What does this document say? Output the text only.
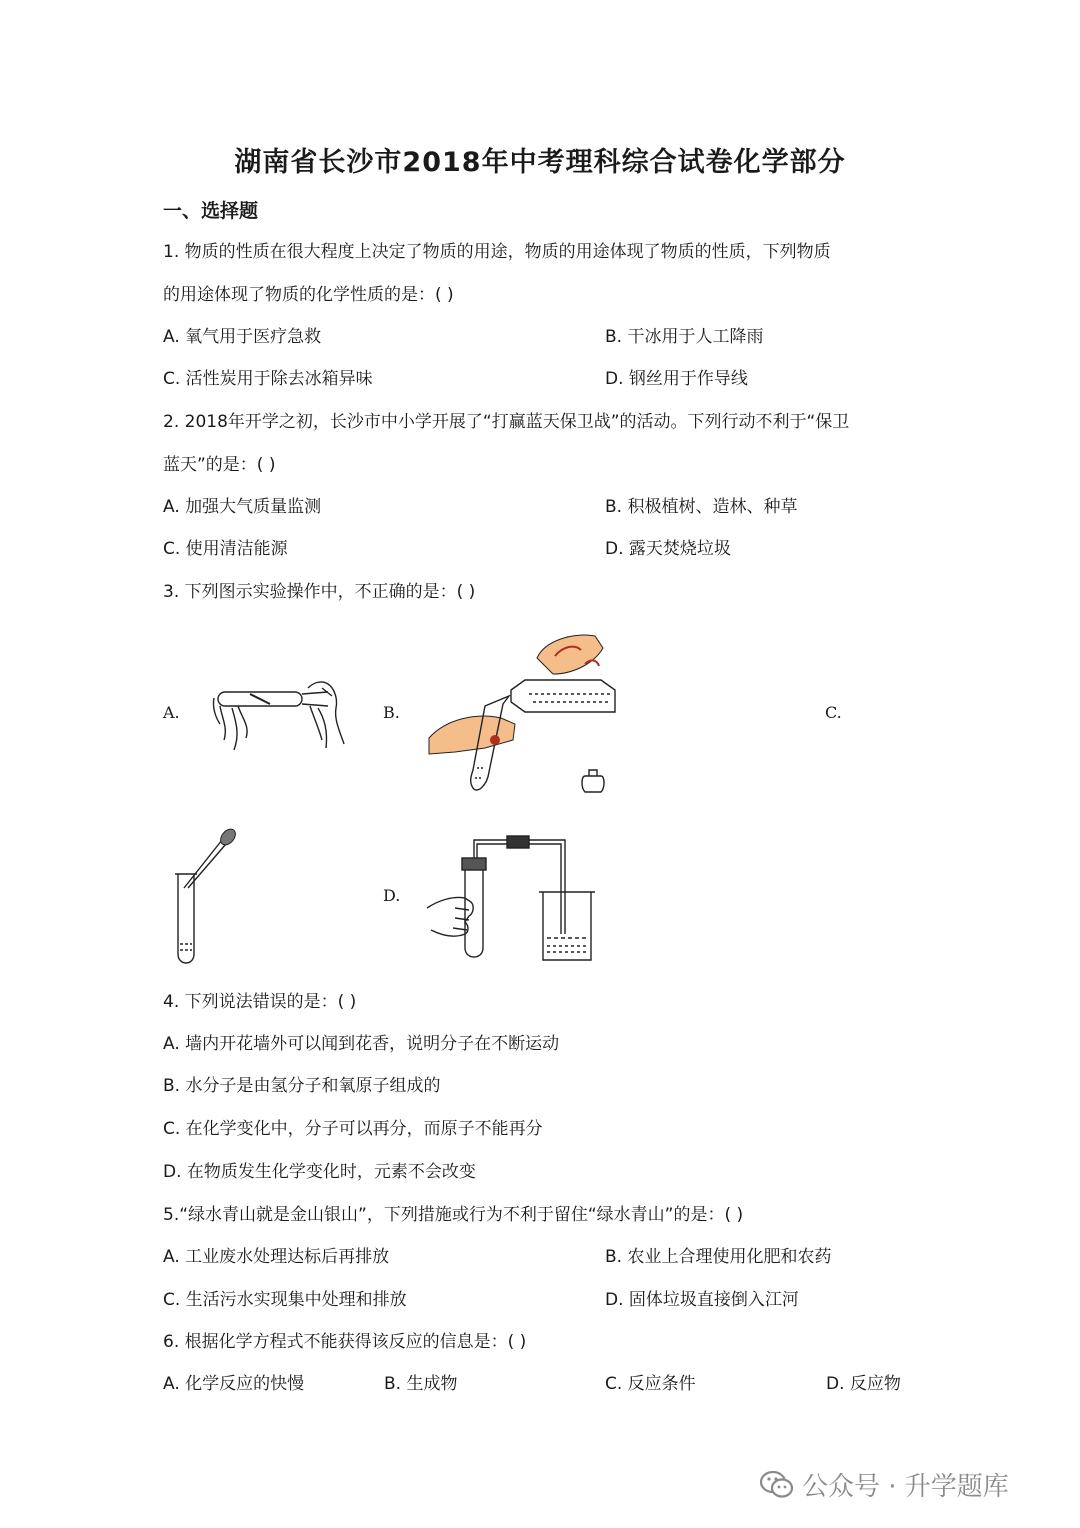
湖南省长沙市2018年中考理科综合试卷化学部分
一、选择题
1. 物质的性质在很大程度上决定了物质的用途，物质的用途体现了物质的性质，下列物质
的用途体现了物质的化学性质的是：( )
A. 氧气用于医疗急救	B. 干冰用于人工降雨
C. 活性炭用于除去冰箱异味	D. 钢丝用于作导线
2. 2018年开学之初，长沙市中小学开展了“打赢蓝天保卫战”的活动。下列行动不利于“保卫
蓝天”的是：( )
A. 加强大气质量监测	B. 积极植树、造林、种草
C. 使用清洁能源	D. 露天焚烧垃圾
3. 下列图示实验操作中，不正确的是：( )
A.	B.	C.
D.
4. 下列说法错误的是：( )
A. 墙内开花墙外可以闻到花香，说明分子在不断运动
B. 水分子是由氢分子和氧原子组成的
C. 在化学变化中，分子可以再分，而原子不能再分
D. 在物质发生化学变化时，元素不会改变
5.“绿水青山就是金山银山”，下列措施或行为不利于留住“绿水青山”的是：( )
A. 工业废水处理达标后再排放	B. 农业上合理使用化肥和农药
C. 生活污水实现集中处理和排放	D. 固体垃圾直接倒入江河
6. 根据化学方程式不能获得该反应的信息是：( )
A. 化学反应的快慢	B. 生成物	C. 反应条件	D. 反应物
公众号 · 升学题库
